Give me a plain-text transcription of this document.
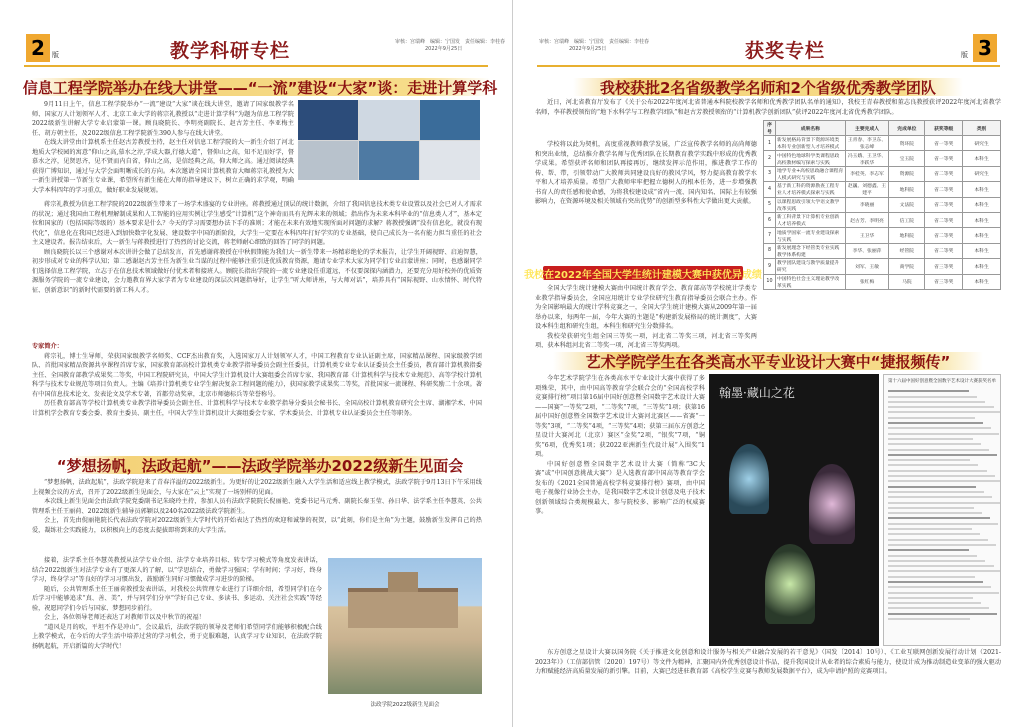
2	版	教学科研专栏	审核：宫瑞峰　编辑：宁国发　责任编辑：李桂春
2022年9月25日
信息工程学院举办在线大讲堂——“一流”建设“大家”谈：走进计算学科

9月11日上午，信息工程学院举办“一流”建设“大家”谈在线大讲堂，邀请了国家级教学名师、国家万人计划领军人才、北京工业大学的蒋宗礼教授以“走进计算学科”为题为信息工程学院2022级新生讲解大学专业启蒙第一课。顾良晓院长、李明亮副院长、赵古芳主任、李亚梅主任、胡方朝主任，及2022级信息工程学院新生390人参与在线大讲堂。

在线大讲堂由计算机系主任赵古芳教授主持，赵主任对信息工程学院的大一新生介绍了河北地质大学校园的寓意“仰山之高,慕水之淳,学成大器,行德大道”，督仰山之高，知不足而好学，督慕水之淳，见贤思齐，见不贤而内自省，仰山之高，是信经典之高，仰大师之高。通过阅读经典获得广博知识，通过与大学会面明晰成长的方向。本次邀请全国计算机教育大咖蒋宗礼教授为大一新生讲授第一节新生专业课，希望所有新生能在大师的指导建议下，树立正确的求学观，明确大学本科四年的学习重点，做好职业发展规划。

蒋宗礼教授为信息工程学院的2022级新生带来了一场学术盛宴的专业讲座。蒋教授通过顶层的统计数据，介绍了我国信息技术类专业设置以及社会已对人才需求的状况；通过我国由工程机理解制成果和人工智能的应用实例让学生感受“计算机”这个神奇而具有光辉未来的领域；指出作为未来本科毕业的“信息类人才”，基本定位和国家的（包括国际等级的）基本要求是什么？今天的学习需要想办法下手的准则；才能在未来有效地实现所面对问题的求解？蒋教授强调“没有信息化，就没有现代化”，信息化在我国已经进入到加快数字化发展、建设数字中国的新阶段，大学生一定要在本科四年打好学实的专业基础，使自己成长为一名有能力担当重任的社会主义建设者。报告结束后，大一新生与蒋教授进行了热烈的讨论交流，蒋老师耐心细致的回答了同学的问题。

顾良晓院长以三个感谢对本次讲讲会做了总结发言，首先感谢蒋教授在中秋假期能为我们大一新生带来一场精彩绝伦的学术报告，让学生开阔视野、启迪智慧，初步形成对专业的科学认知；第二感谢赵古芳主任为新生业当谋的过程中能够注重引进优质教育资源，邀请专业学术大家为同学们专业启蒙讲座；同时，也感谢同学们选择信息工程学院，立志于在信息技术领域做好付优术者和接班人。顾院长指出学院的一流专业建设任重道远，不仅要深探内涵潜力，还要充分用好校外的优质资源服务学院的一流专业建设，会力邀教育界大家学者为专业建设的深层次问题指导好，让学生“听大师讲座，与大师对话”，培养具有“国际视野、山水情怀、时代特征、创新意识”的新时代需要的新工科人才。

专家简介：

蒋宗礼，博士生导师，荣获国家级教学名师奖、CCF杰出教育奖，入选国家万人计划领军人才，中国工程教育专业认证副主席，国家精品课程、国家级教学团队、首批国家精品资源共享课程首席专家，国家教育部高校计算机类专业教学指导委员会副主任委员，计算机类专业专业认证委员会主任委员，教育部计算机教指委主任、全国教育部教学成果奖二等奖，中国工程院研究员，中国大学生计算机设计大赛组委会首席专家、我国教育部《计算机科学与技术专业规范》、高等学校计算机科学与技术专业规范等项目负责人。主编《培养计算机类专业学生解决复杂工程问题的能力》，获国家教学成果奖二等奖，首批国家一流课程、科研奖励二十余项。著有中国信息技术论文、发表论文及学术专著，首都劳动奖章，北京市师德标兵等荣誉称号。

历任教育部高等学校计算机类专业教学指导委员会副主任、计算机科学与技术专业教学指导分委员会秘书长、全国高校计算机教育研究会主席、湖湘学术、中国计算机学会教育专委会委、教育主委员、副主任，中国大学生计算机设计大赛组委会专家、学术委员会、计算机专业认证委员会主任等职务。

“梦想扬帆，法政起航”——法政学院举办2022级新生见面会

“梦想扬帆，法政起航”，法政学院迎来了青春洋溢的2022级新生。为更好的让2022级新生融入大学生活和适应线上教学模式，法政学院于9月13日下午采用线上视频会议的方式，召开了2022级新生见面会，与大家在“云上”实现了一场别样的见面。

本次线上新生见面会由法政学院党委副书记朱晓玲主持，参加人员有法政学院院长倪丽艳、党委书记马元秀、副院长秦玉莹、孙日华、法学系主任李慧英、公共管理系主任王丽荷、2022级新生辅导员郭颖以及240名2022级法政学院新生。

会上，首先由倪丽艳院长代表法政学院对2022级新生大学时代的开始表达了热烈的欢迎和诚挚的祝贺，以“此刻，你们是主角”为主题，鼓励新生发挥自己的热爱，凝练社会实践能力，以积极向上的态度去提拔即将到来的大学生活。

接着，法学系主任李慧英教授从法学专业介绍、法学专业培养目标、转专学习模式等角度发表讲话，结合2022级新生对法学专业有了更深人的了解，以“学思结合，勇做学习强国；学有时间；学习好，终身学习，终身学习”等良好的学习习惯出发，鼓励新生同好习惯做成学习进步的阶梯。

随后，公共管理系主任王丽荷教授发表讲话，对我校公共管理专业进行了详细介绍，希望同学们在今后学习中能够追求“真、善、美”，并与同学们分享“学好自己专业、多读书、多运动、关注社会实践”等经验，祝愿同学们今后与国家、梦想同步前行。

会上，各位领导老师还表达了对教师节以及中秋节的祝福！

“道风是月的吹，平坦不作是冲山”，会议最后，法政学院的领导及老师们希望同学们能够积极配合线上教学模式，在今后的大学生活中培养过营的学习机会，勇于克服难题，认真学习专业知识，在法政学院扬帆起航，开启新篇的大学时代！

法政学院2022级新生见面会
审核：宫瑞峰　编辑：宁国发　责任编辑：李桂春
2022年9月25日	获奖专栏	3
版
我校获批2名省级教学名师和2个省级优秀教学团队

近日，河北省教育厅发布了《关于公布2022年度河北省普通本科院校教学名师和优秀教学团队名单的通知》，我校王青春教授和董志良教授获评2022年度河北省教学名师，李祥教授领衔的“地下水科学与工程教学团队”和赵古芳教授领衔的“计算机教学创新团队”获评2022年度河北省优秀教学团队。

学校将以此为契机，高度重视教师教学发展，广泛宣传教学名师的高尚师德和突出业绩，总结推介教学名师与优秀团队在长期教育教学实践中形成的优秀教学成果。希望获评名师和团队再接再厉，继续发挥示范作用，推进教学工作的传、帮、带，引领带动广大教师共同建设良好的教风学风，努力提高教育教学水平和人才培养质量。希望广大教师牢牢把握立德树人的根本任务，进一步增强教书育人的责任感和使命感，为将我校建设成“省内一流、国内知名、国际上有较强影响力，在资源环境及相关领域有突出优势”的创新型多科性大学做出更大贡献。

序号	成果名称	主要完成人	完成单位	获奖等级	类别
1	新发展格局背景下资源环境类本科专业创新型人才培养模式	王青春、李卫东、张志峰	资环院	省一等奖	研究生
2	中国特色地球科学类课程思政高校教材编写探索与实践	冯玉娥、王卫华、李跃华	宝玉院	省一等奖	本科生
3	地学专业+高校思政融合课程育人模式研究与实践	李桂英、李志军	资源院	省二等奖	研究生
4	基于新工科的资源勘查工程专业人才培养模式探索与实践	赵巍、刘德鑫、王建平	地科院	省二等奖	本科生
5	以课程思政引领大学语文教学改革实践	李晓丽	文法院	省二等奖	本科生
6	新工科背景下计算机专业创新人才培养模式	赵古芳、李明亮	信工院	省二等奖	本科生
7	地质学国家一流专业建设探索与实践	王卫华	地科院	省二等奖	本科生
8	新发展理念下经管类专业实践教学体系构建	李华、张丽萍	经管院	省二等奖	本科生
9	教学团队建设与教学质量提升研究	刘军、王敏	商学院	省三等奖	本科生
10	中国特色社会主义理论教学改革实践	张红梅	马院	省三等奖	本科生
我校在2022年全国大学生统计建模大赛中获优异成绩

全国大学生统计建模大赛由中国统计教育学会、教育部高等学校统计学类专业教学指导委员会，全国应用统计专业学位研究生教育指导委员会联合主办。作为全国影响最大的统计学科竞赛之一，全国大学生统计建模大赛从2009年第一届举办以来，每两年一届，今年大赛的主题是“构建新发展格局的统计测度”，大赛设本科生组和研究生组，本科生和研究生分数排名。

我校荣获研究生组全国三等奖一项，河北省二等奖三项，河北省三等奖两项，获本科组河北省二等奖一项，河北省三等奖两项。

艺术学院学生在各类高水平专业设计大赛中“捷报频传”

今年艺术学院学生在各类高水平专业设计大赛中获得了多项殊荣，其中，由中国高等教育学会联合会的“全国高校学科竞赛排行榜”项目第16届中国好创意暨全国数字艺术设计大赛——国赛“一等奖”2项，“二等奖”7项，“三等奖”1项；获第16届中国好创意暨全国数字艺术设计大赛河北赛区——省赛“一等奖”3项，“二等奖”4项，“三等奖”4项；获第三届东方创意之星设计大赛河北（北京）赛区“金奖”2项，“银奖”7项，“铜奖”6项，优秀奖1项；获2022亚洲新生代设计展“入围奖”1项。

中国好创意暨全国数字艺术设计大赛（简称“3C大赛”或“中国创意挑战大赛”）是入选教育部中国高等教育学会发布的《2021全国普通高校学科竞赛排行榜》赛项，由中国电子视像行业协会主办，是我国数字艺术设计创意及电子技术创新领域综合类规模最大、参与院校多、影响广泛的权威赛事。

翰墨·藏山之花
第十六届中国好创意暨全国数字艺术设计大赛获奖名单

东方创意之星设计大赛以国务院《关于推进文化创意和设计服务与相关产业融合发展的若干意见》（国发〔2014〕10号）、《工业互联网创新发展行动计划（2021-2023年）》（工信部信管〔2020〕197号）等文件为精神，汇聚国内外优秀创意设计作品，提升我国设计从业者的综合素质与能力，使设计成为推动制造业变革的强大驱动力和赋能经济高质量发展的新引擎。目前，大赛已经进驻教育部《高校学生竞赛与教师发展数据平台》，成为申请护照的竞赛项目。
